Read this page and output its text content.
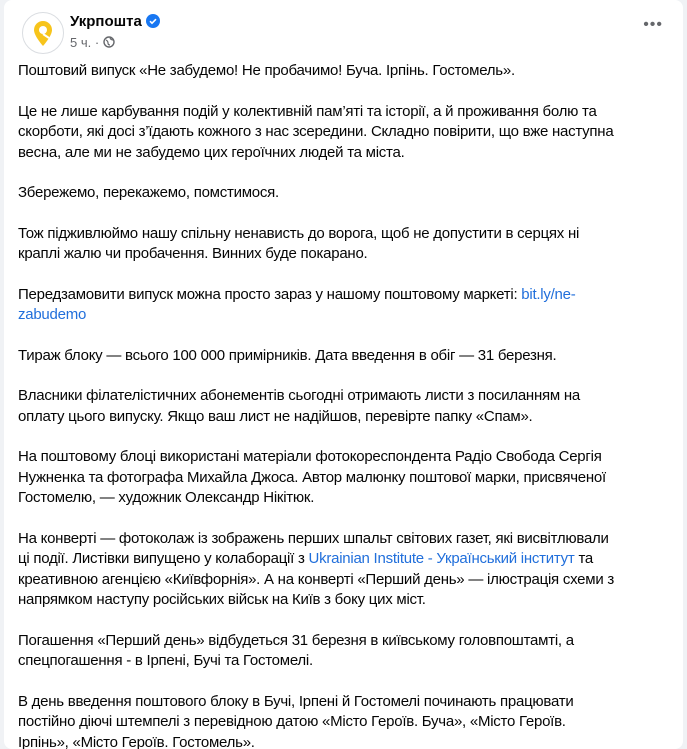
Укрпошта
5 ч. ·
•••
Поштовий випуск «Не забудемо! Не пробачимо! Буча. Ірпінь. Гостомель».
Це не лише карбування подій у колективній пам’яті та історії, а й проживання болю та
скорботи, які досі з’їдають кожного з нас зсередини. Складно повірити, що вже наступна
весна, але ми не забудемо цих героїчних людей та міста.
Збережемо, перекажемо, помстимося.
Тож підживлюймо нашу спільну ненависть до ворога, щоб не допустити в серцях ні
краплі жалю чи пробачення. Винних буде покарано.
Передзамовити випуск можна просто зараз у нашому поштовому маркеті: bit.ly/ne-
zabudemo
Тираж блоку — всього 100 000 примірників. Дата введення в обіг — 31 березня.
Власники філателістичних абонементів сьогодні отримають листи з посиланням на
оплату цього випуску. Якщо ваш лист не надійшов, перевірте папку «Спам».
На поштовому блоці використані матеріали фотокореспондента Радіо Свобода Сергія
Нужненка та фотографа Михайла Джоса. Автор малюнку поштової марки, присвяченої
Гостомелю, — художник Олександр Нікітюк.
На конверті — фотоколаж із зображень перших шпальт світових газет, які висвітлювали
ці події. Листівки випущено у колаборації з Ukrainian Institute - Український інститут та
креативною агенцією «Київфорнія». А на конверті «Перший день» — ілюстрація схеми з
напрямком наступу російських військ на Київ з боку цих міст.
Погашення «Перший день» відбудеться 31 березня в київському головпоштамті, а
спецпогашення - в Ірпені, Бучі та Гостомелі.
В день введення поштового блоку в Бучі, Ірпені й Гостомелі починають працювати
постійно діючі штемпелі з перевідною датою «Місто Героїв. Буча», «Місто Героїв.
Ірпінь», «Місто Героїв. Гостомель».
